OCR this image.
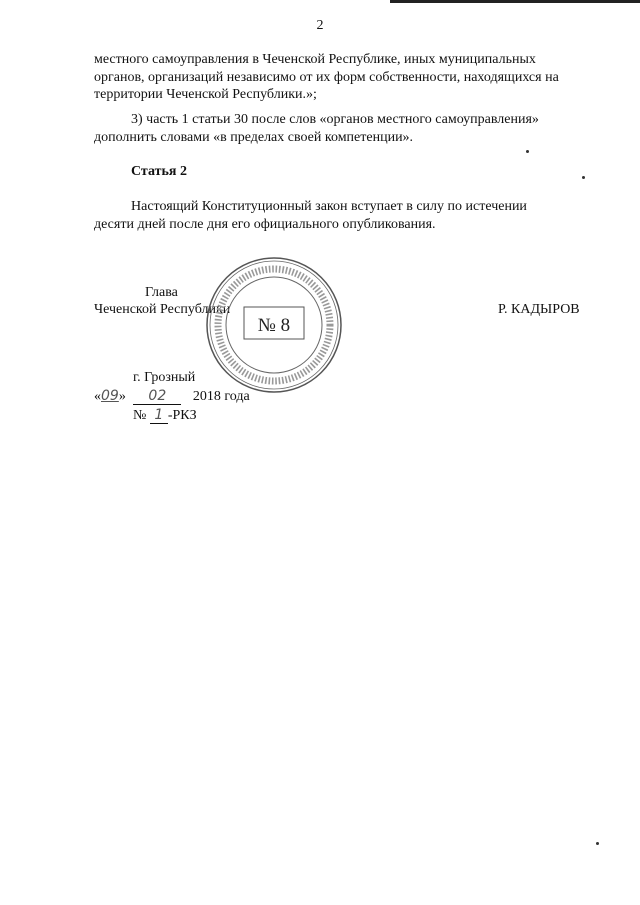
2
местного самоуправления в Чеченской Республике, иных муниципальных
органов, организаций независимо от их форм собственности, находящихся на
территории Чеченской Республики.»;
3) часть 1 статьи 30 после слов «органов местного самоуправления»
дополнить словами «в пределах своей компетенции».
Статья 2
Настоящий Конституционный закон вступает в силу по истечении
десяти дней после дня его официального опубликования.
Глава
Чеченской Республики	Р. КАДЫРОВ
№ 8
г. Грозный
«09» 02 2018 года
№ 1 -РКЗ
